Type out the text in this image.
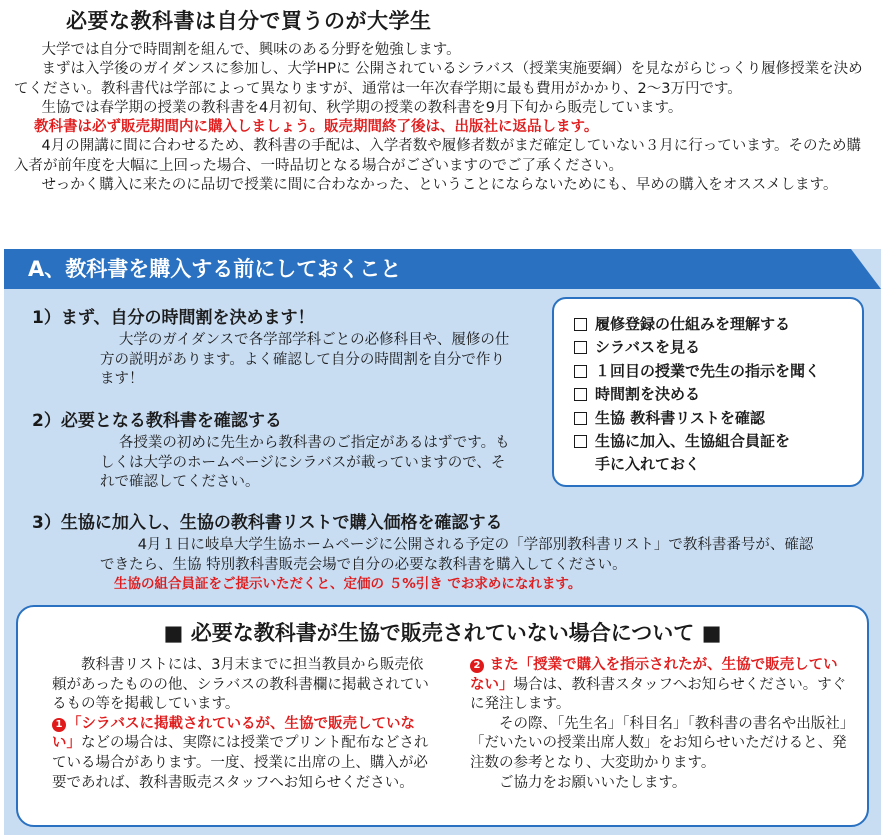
必要な教科書は自分で買うのが大学生

大学では自分で時間割を組んで、興味のある分野を勉強します。

まずは入学後のガイダンスに参加し、大学HPに 公開されているシラバス（授業実施要綱）を見ながらじっくり履修授業を決めてください。教科書代は学部によって異なりますが、通常は一年次春学期に最も費用がかかり、2〜3万円です。

生協では春学期の授業の教科書を4月初旬、秋学期の授業の教科書を9月下旬から販売しています。

教科書は必ず販売期間内に購入しましょう。販売期間終了後は、出版社に返品します。

4月の開講に間に合わせるため、教科書の手配は、入学者数や履修者数がまだ確定していない３月に行っています。そのため購入者が前年度を大幅に上回った場合、一時品切となる場合がございますのでご了承ください。

せっかく購入に来たのに品切で授業に間に合わなかった、ということにならないためにも、早めの購入をオススメします。

A、教科書を購入する前にしておくこと
1）まず、自分の時間割を決めます！

大学のガイダンスで各学部学科ごとの必修科目や、履修の仕方の説明があります。よく確認して自分の時間割を自分で作ります！

2）必要となる教科書を確認する

各授業の初めに先生から教科書のご指定があるはずです。もしくは大学のホームページにシラバスが載っていますので、それで確認してください。

履修登録の仕組みを理解する
シラバスを見る
１回目の授業で先生の指示を聞く
時間割を決める
生協 教科書リストを確認
生協に加入、生協組合員証を
手に入れておく
3）生協に加入し、生協の教科書リストで購入価格を確認する

4月１日に岐阜大学生協ホームページに公開される予定の「学部別教科書リスト」で教科書番号が、確認できたら、生協 特別教科書販売会場で自分の必要な教科書を購入してください。

生協の組合員証をご提示いただくと、定価の ５%引き でお求めになれます。

■ 必要な教科書が生協で販売されていない場合について ■

教科書リストには、3月末までに担当教員から販売依頼があったものの他、シラバスの教科書欄に掲載されているもの等を掲載しています。

1 「シラバスに掲載されているが、生協で販売していない」などの場合は、実際には授業でプリント配布などされている場合があります。一度、授業に出席の上、購入が必要であれば、教科書販売スタッフへお知らせください。

2 また「授業で購入を指示されたが、生協で販売していない」場合は、教科書スタッフへお知らせください。すぐに発注します。

その際、「先生名」「科目名」「教科書の書名や出版社」「だいたいの授業出席人数」をお知らせいただけると、発注数の参考となり、大変助かります。

ご協力をお願いいたします。
